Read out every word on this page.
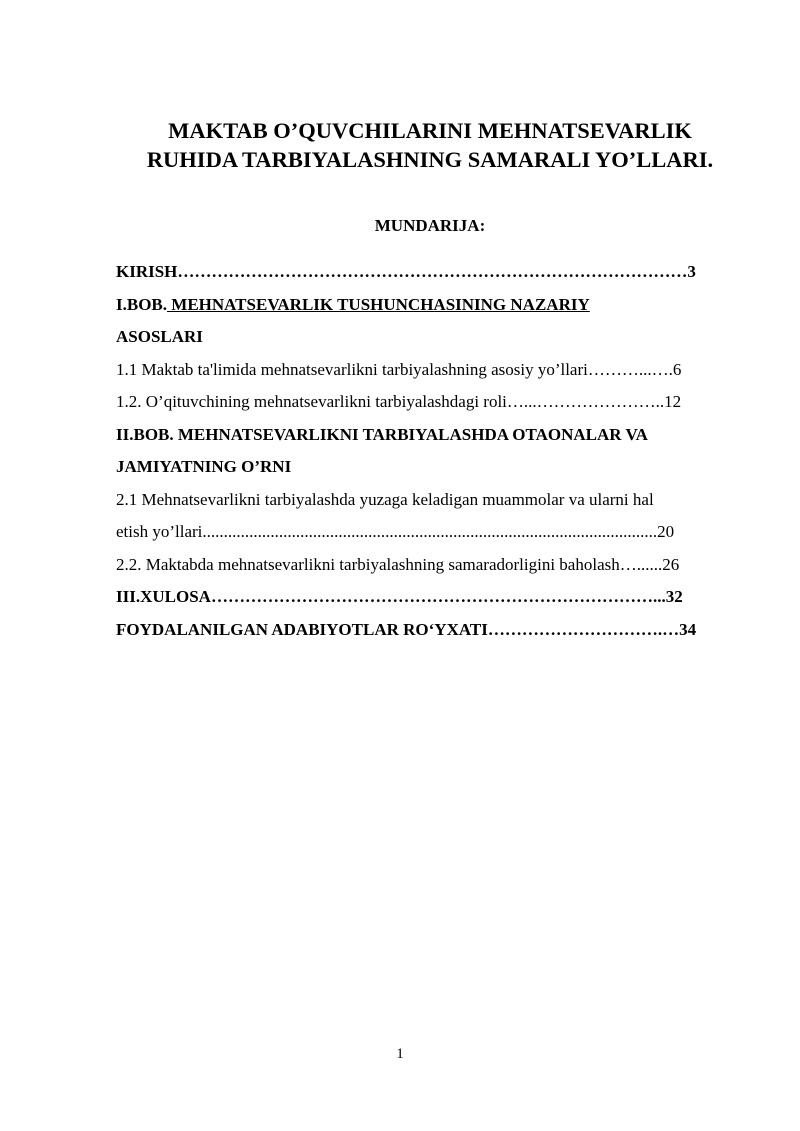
MAKTAB O’QUVCHILARINI MEHNATSEVARLIK
RUHIDA TARBIYALASHNING SAMARALI YO’LLARI.
MUNDARIJA:
KIRISH………………………………………………………………………………3
I.BOB. MEHNATSEVARLIK TUSHUNCHASINING NAZARIY
ASOSLARI
1.1 Maktab ta'limida mehnatsevarlikni tarbiyalashning asosiy yo’llari………...….6
1.2. O’qituvchining mehnatsevarlikni tarbiyalashdagi roli…...…………………..12
II.BOB. MEHNATSEVARLIKNI TARBIYALASHDA OTAONALAR VA
JAMIYATNING O’RNI
2.1 Mehnatsevarlikni tarbiyalashda yuzaga keladigan muammolar va ularni hal
etish yo’llari...........................................................................................................20
2.2. Maktabda mehnatsevarlikni tarbiyalashning samaradorligini baholash…......26
III.XULOSA……………………………………………………………………...32
FOYDALANILGAN ADABIYOTLAR RO‘YXATI………………………….…34
1
